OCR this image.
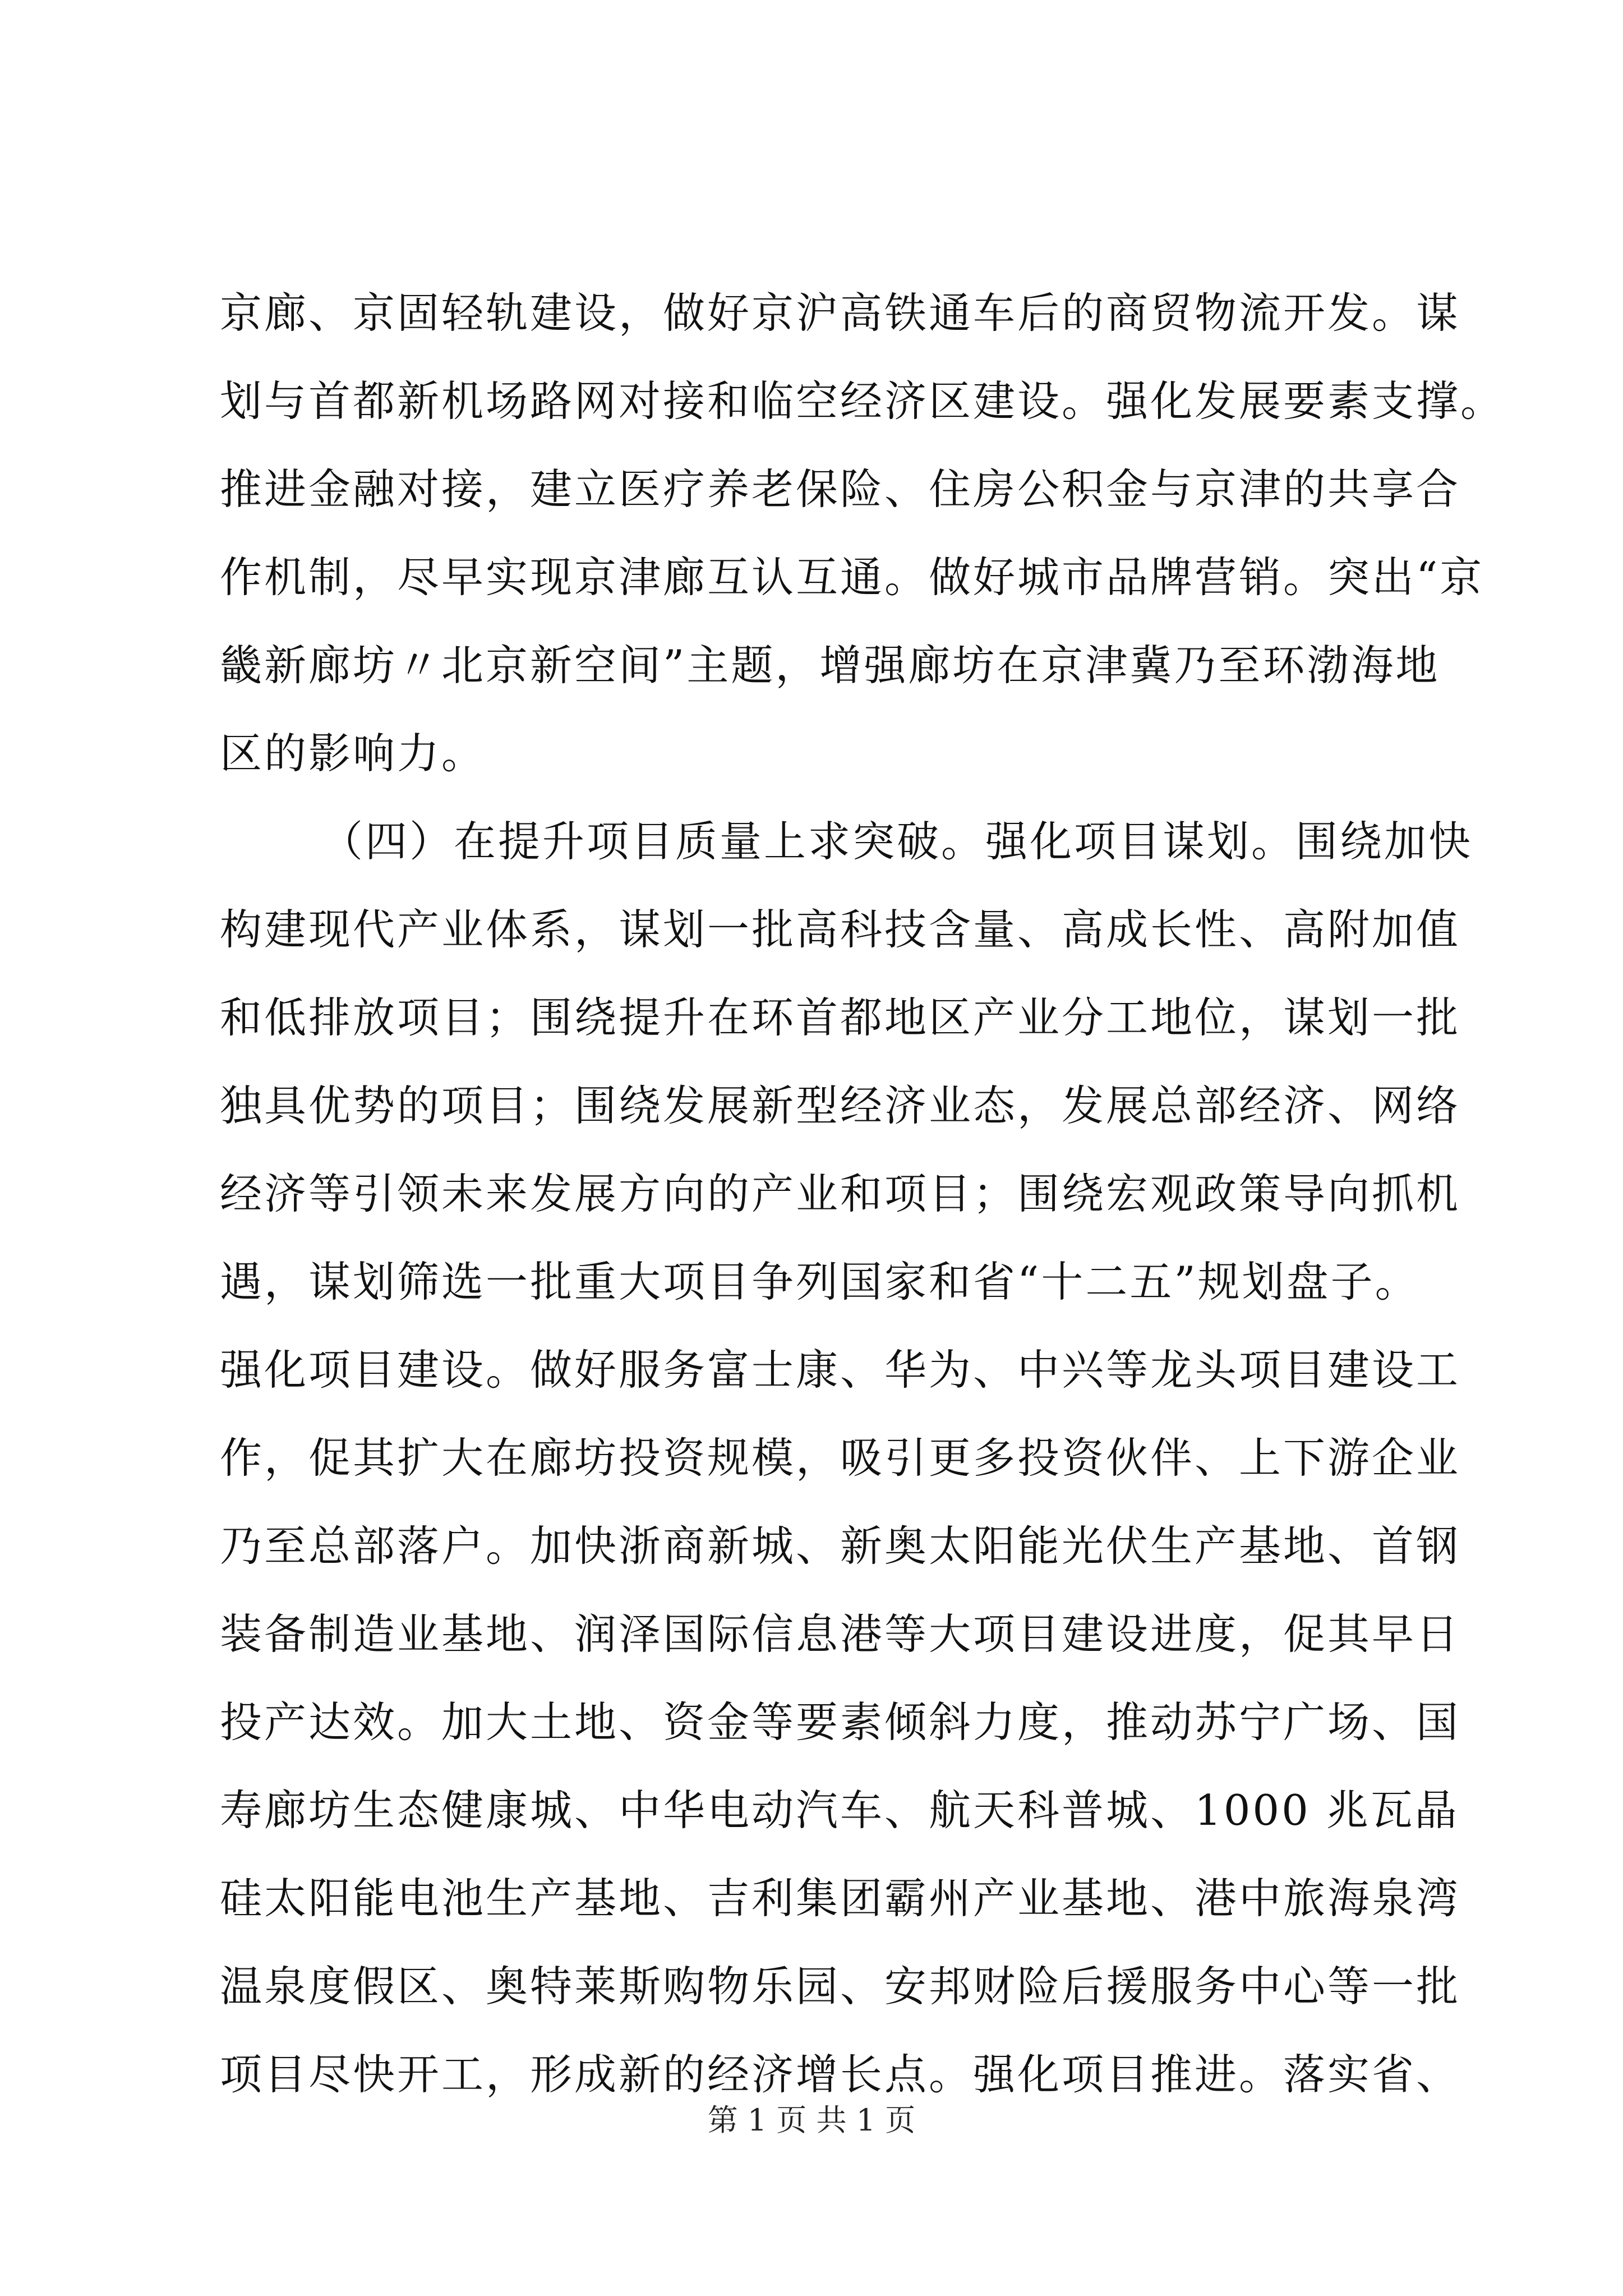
京廊、京固轻轨建设，做好京沪高铁通车后的商贸物流开发。谋
划与首都新机场路网对接和临空经济区建设。强化发展要素支撑。
推进金融对接，建立医疗养老保险、住房公积金与京津的共享合
作机制，尽早实现京津廊互认互通。做好城市品牌营销。突出“京
畿新廊坊〃北京新空间”主题，增强廊坊在京津冀乃至环渤海地
区的影响力。
（四）在提升项目质量上求突破。强化项目谋划。围绕加快
构建现代产业体系，谋划一批高科技含量、高成长性、高附加值
和低排放项目；围绕提升在环首都地区产业分工地位，谋划一批
独具优势的项目；围绕发展新型经济业态，发展总部经济、网络
经济等引领未来发展方向的产业和项目；围绕宏观政策导向抓机
遇，谋划筛选一批重大项目争列国家和省“十二五”规划盘子。
强化项目建设。做好服务富士康、华为、中兴等龙头项目建设工
作，促其扩大在廊坊投资规模，吸引更多投资伙伴、上下游企业
乃至总部落户。加快浙商新城、新奥太阳能光伏生产基地、首钢
装备制造业基地、润泽国际信息港等大项目建设进度，促其早日
投产达效。加大土地、资金等要素倾斜力度，推动苏宁广场、国
寿廊坊生态健康城、中华电动汽车、航天科普城、1000 兆瓦晶
硅太阳能电池生产基地、吉利集团霸州产业基地、港中旅海泉湾
温泉度假区、奥特莱斯购物乐园、安邦财险后援服务中心等一批
项目尽快开工，形成新的经济增长点。强化项目推进。落实省、
第 1 页 共 1 页
